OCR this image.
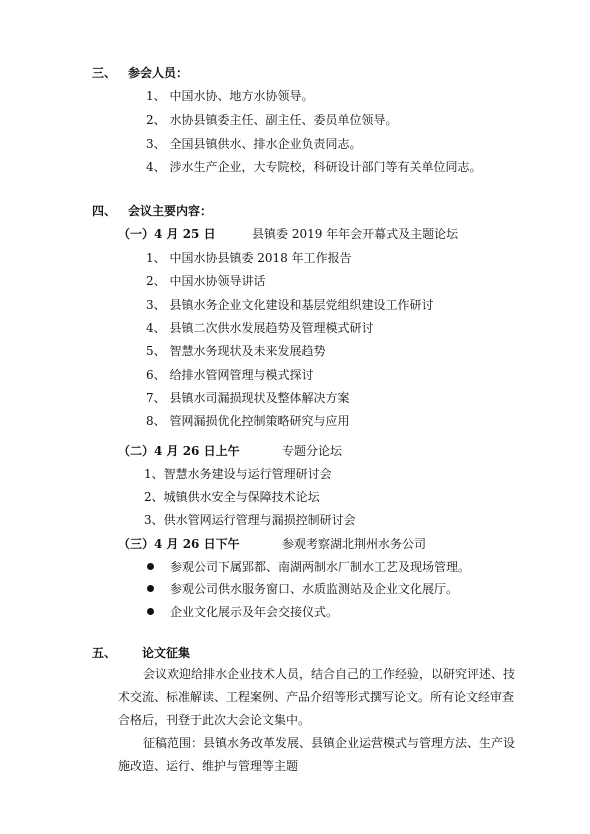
三、 参会人员：
1、 中国水协、地方水协领导。
2、 水协县镇委主任、副主任、委员单位领导。
3、 全国县镇供水、排水企业负责同志。
4、 涉水生产企业，大专院校，科研设计部门等有关单位同志。
四、 会议主要内容：
（一）4 月 25 日	县镇委 2019 年年会开幕式及主题论坛
1、 中国水协县镇委 2018 年工作报告
2、 中国水协领导讲话
3、 县镇水务企业文化建设和基层党组织建设工作研讨
4、 县镇二次供水发展趋势及管理模式研讨
5、 智慧水务现状及未来发展趋势
6、 给排水管网管理与模式探讨
7、 县镇水司漏损现状及整体解决方案
8、 管网漏损优化控制策略研究与应用
（二）4 月 26 日上午	专题分论坛
1、智慧水务建设与运行管理研讨会
2、城镇供水安全与保障技术论坛
3、供水管网运行管理与漏损控制研讨会
（三）4 月 26 日下午	参观考察湖北荆州水务公司
参观公司下属郢都、南湖两制水厂制水工艺及现场管理。
参观公司供水服务窗口、水质监测站及企业文化展厅。
企业文化展示及年会交接仪式。
五、 论文征集
会议欢迎给排水企业技术人员，结合自己的工作经验，以研究评述、技
术交流、标准解读、工程案例、产品介绍等形式撰写论文。所有论文经审查
合格后，刊登于此次大会论文集中。
征稿范围：县镇水务改革发展、县镇企业运营模式与管理方法、生产设
施改造、运行、维护与管理等主题
